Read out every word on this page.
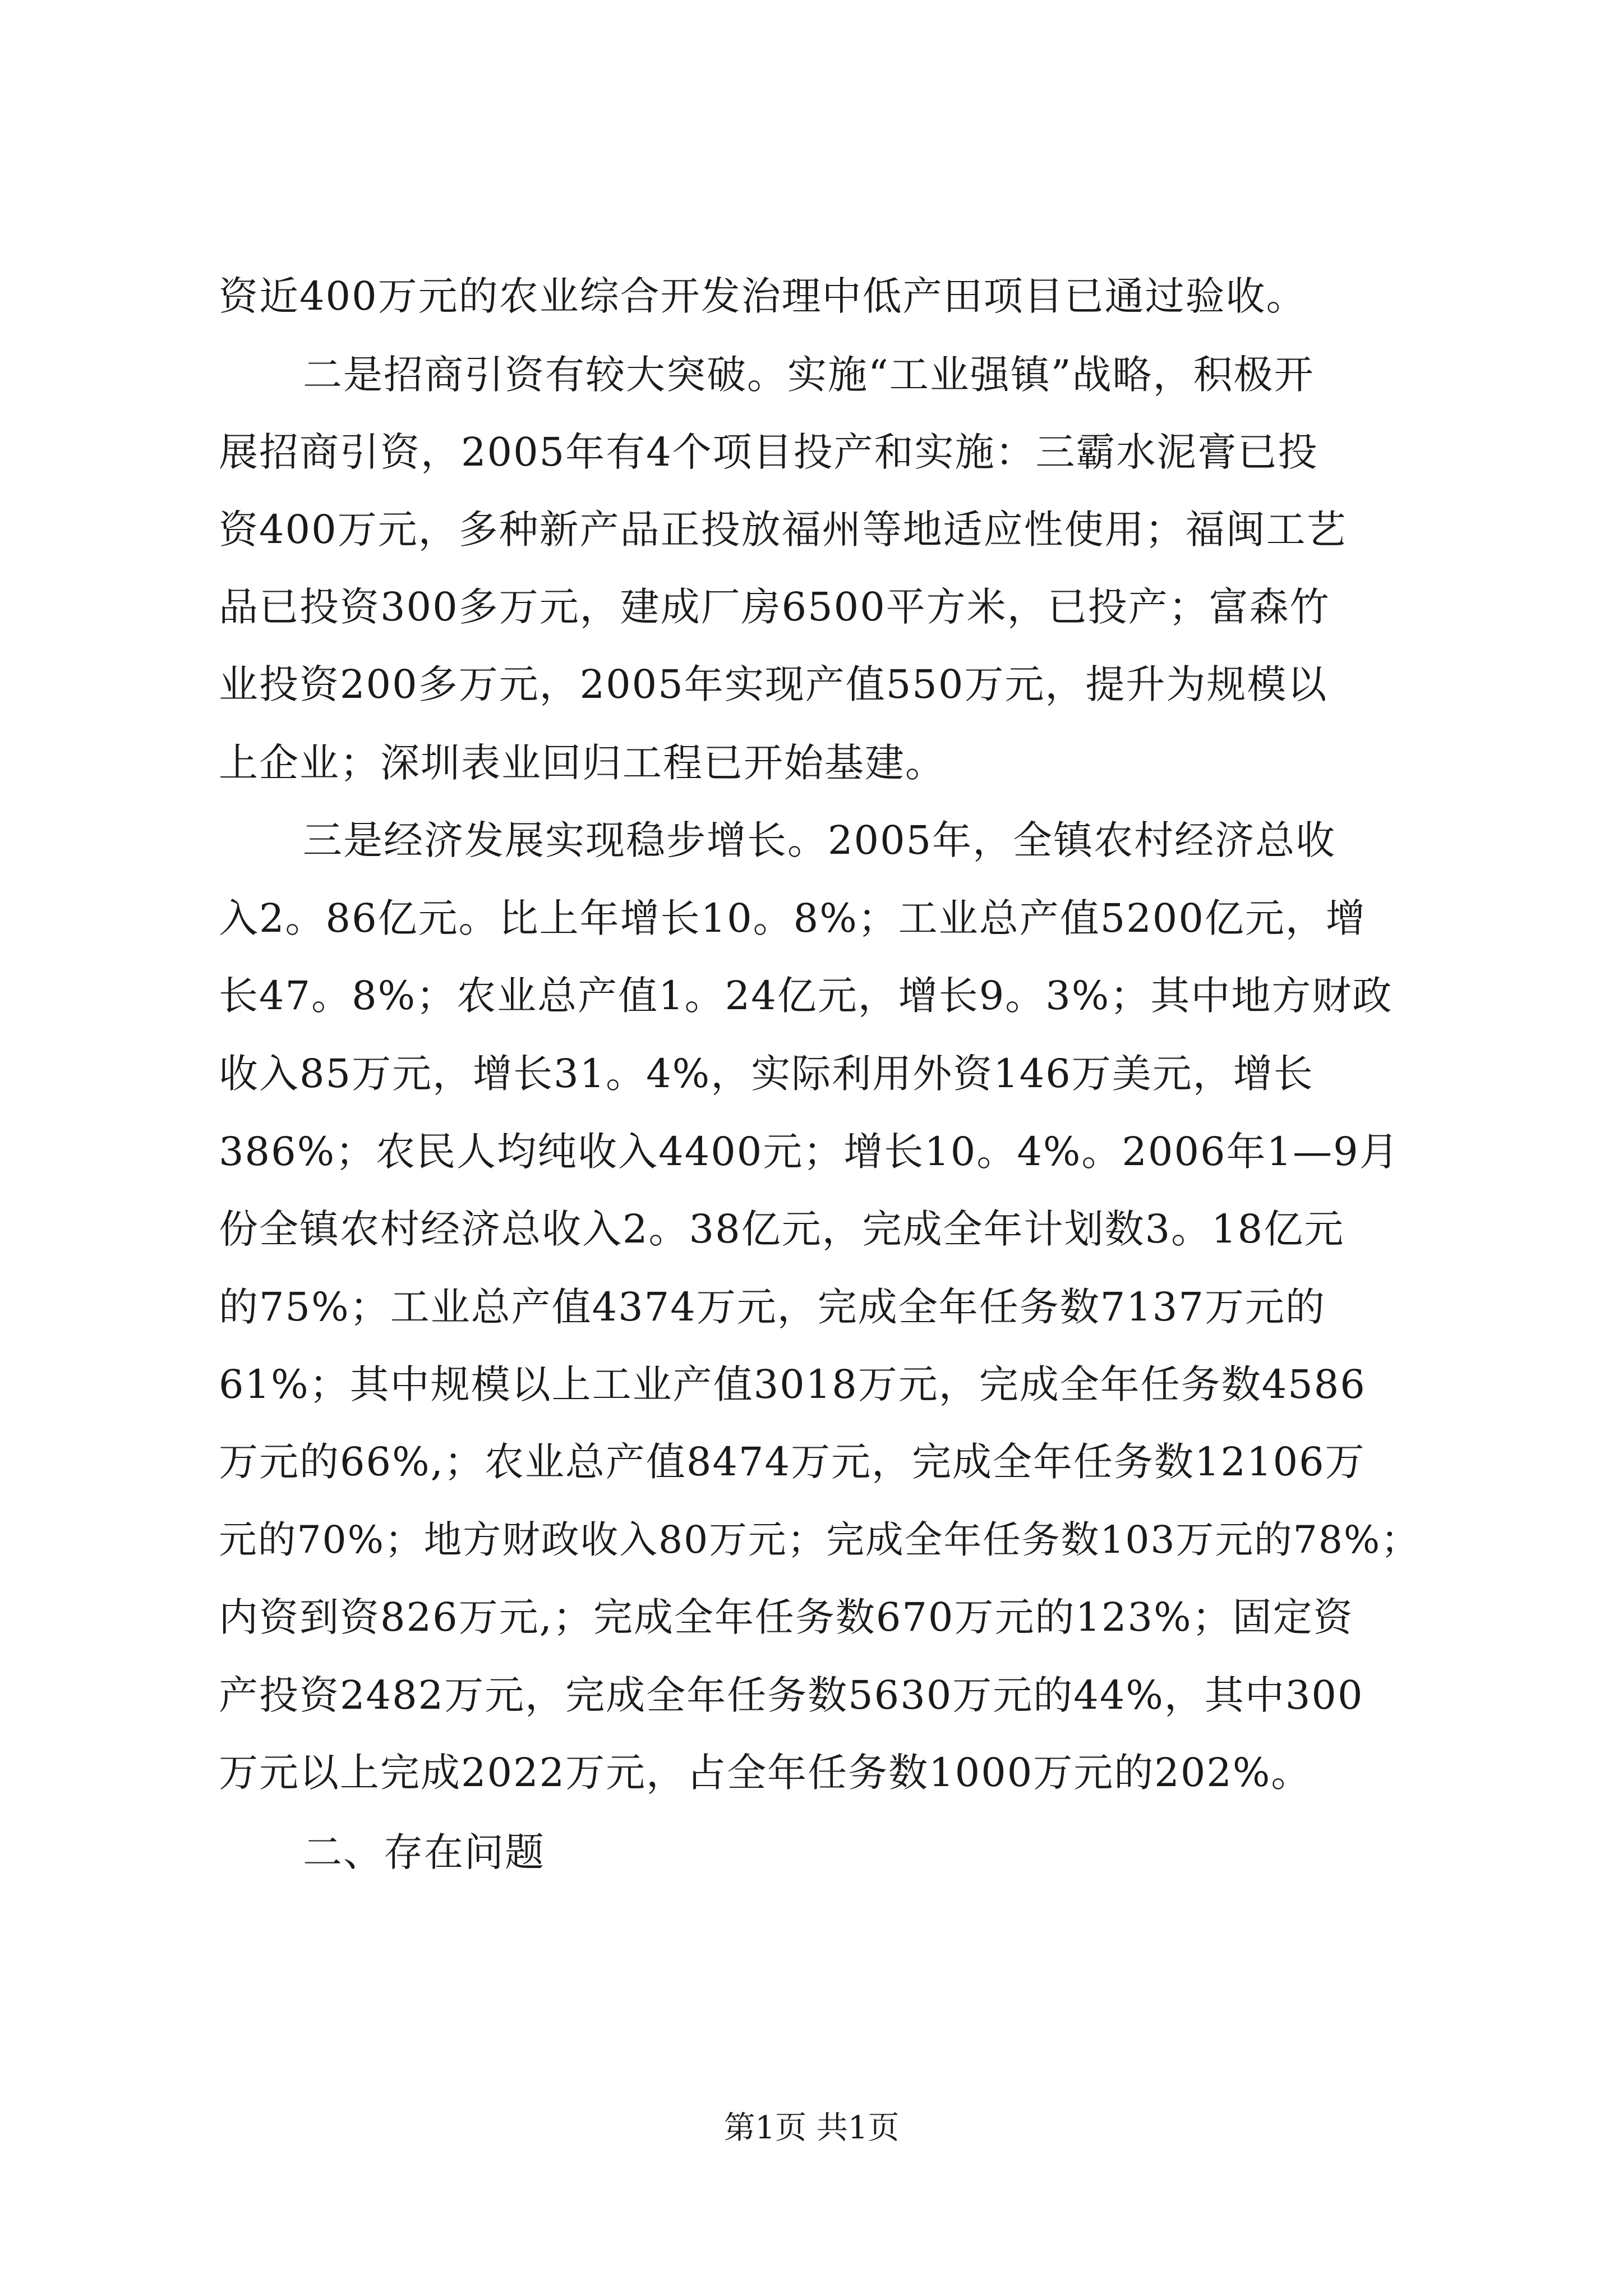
资近400万元的农业综合开发治理中低产田项目已通过验收。
二是招商引资有较大突破。实施“工业强镇”战略，积极开
展招商引资，2005年有4个项目投产和实施：三霸水泥膏已投
资400万元，多种新产品正投放福州等地适应性使用；福闽工艺
品已投资300多万元，建成厂房6500平方米，已投产；富森竹
业投资200多万元，2005年实现产值550万元，提升为规模以
上企业；深圳表业回归工程已开始基建。
三是经济发展实现稳步增长。2005年，全镇农村经济总收
入2。86亿元。比上年增长10。8%；工业总产值5200亿元，增
长47。8%；农业总产值1。24亿元，增长9。3%；其中地方财政
收入85万元，增长31。4%，实际利用外资146万美元，增长
386%；农民人均纯收入4400元；增长10。4%。2006年1—9月
份全镇农村经济总收入2。38亿元，完成全年计划数3。18亿元
的75%；工业总产值4374万元，完成全年任务数7137万元的
61%；其中规模以上工业产值3018万元，完成全年任务数4586
万元的66%,；农业总产值8474万元，完成全年任务数12106万
元的70%；地方财政收入80万元；完成全年任务数103万元的78%；
内资到资826万元,；完成全年任务数670万元的123%；固定资
产投资2482万元，完成全年任务数5630万元的44%，其中300
万元以上完成2022万元，占全年任务数1000万元的202%。
二、存在问题
第1页 共1页
